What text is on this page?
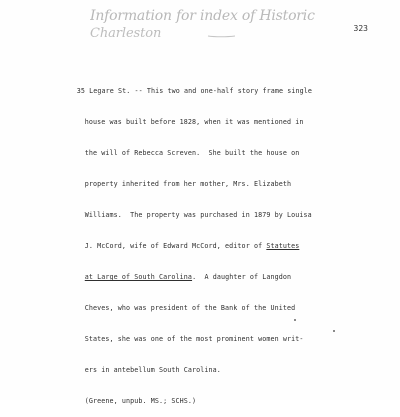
Information for index of Historic
Charleston	323

35 Legare St. -- This two and one-half story frame single

house was built before 1828, when it was mentioned in

the will of Rebecca Screven.  She built the house on

property inherited from her mother, Mrs. Elizabeth

Williams.  The property was purchased in 1879 by Louisa

J. McCord, wife of Edward McCord, editor of Statutes

at Large of South Carolina.  A daughter of Langdon

Cheves, who was president of the Bank of the United

States, she was one of the most prominent women writ-

ers in antebellum South Carolina.

(Greene, unpub. MS.; SCHS.)
